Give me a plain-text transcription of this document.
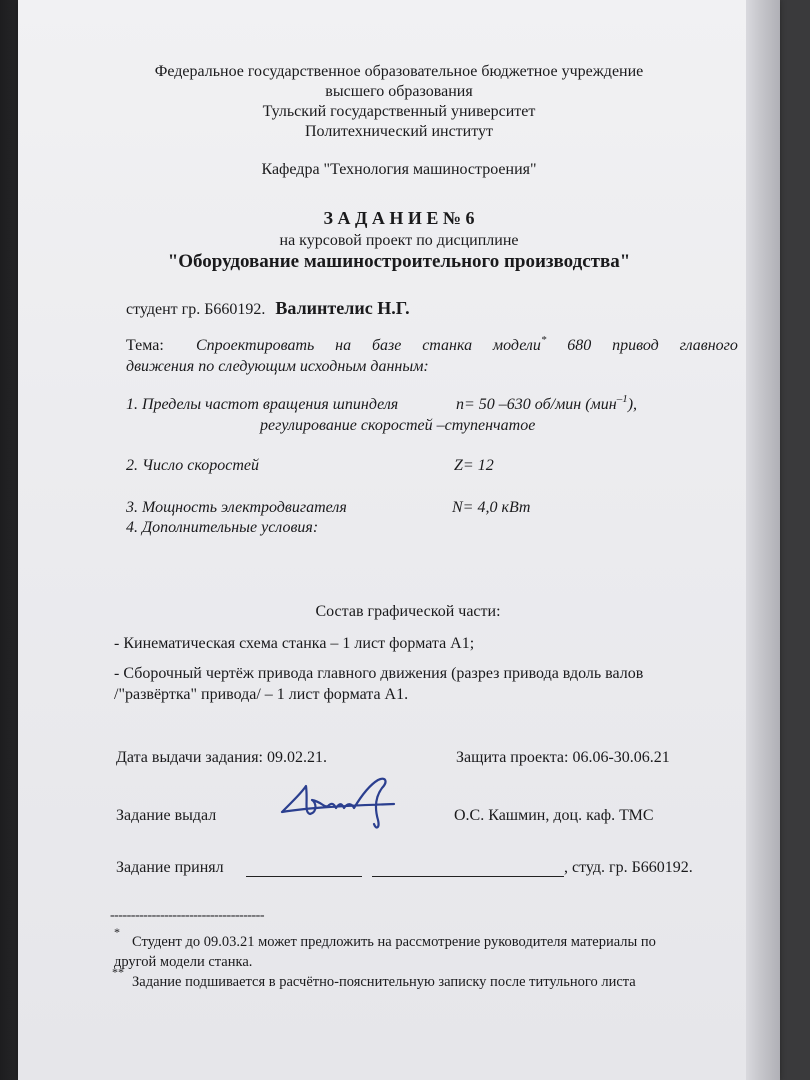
Федеральное государственное образовательное бюджетное учреждение
высшего образования
Тульский государственный университет
Политехнический институт
Кафедра "Технология машиностроения"
З А Д А Н И Е № 6
на курсовой проект по дисциплине
"Оборудование машиностроительного производства"
студент гр. Б660192. Валинтелис Н.Г.
Тема: Спроектировать на базе станка модели* 680 привод главного
движения по следующим исходным данным:
1. Пределы частот вращения шпинделя	n= 50 –630 об/мин (мин$^{-1}$),
регулирование скоростей –ступенчатое
2. Число скоростей	Z= 12
3. Мощность электродвигателя	N= 4,0 кВт
4. Дополнительные условия:
Состав графической части:
- Кинематическая схема станка – 1 лист формата А1;
- Сборочный чертёж привода главного движения (разрез привода вдоль валов
/"развёртка" привода/ – 1 лист формата А1.
Дата выдачи задания: 09.02.21.	Защита проекта: 06.06-30.06.21
Задание выдал	О.С. Кашмин, доц. каф. ТМС
Задание принял	, студ. гр. Б660192.
-------------------------------------
*
Студент до 09.03.21 может предложить на рассмотрение руководителя материалы по
другой модели станка.
**
Задание подшивается в расчётно-пояснительную записку после титульного листа
